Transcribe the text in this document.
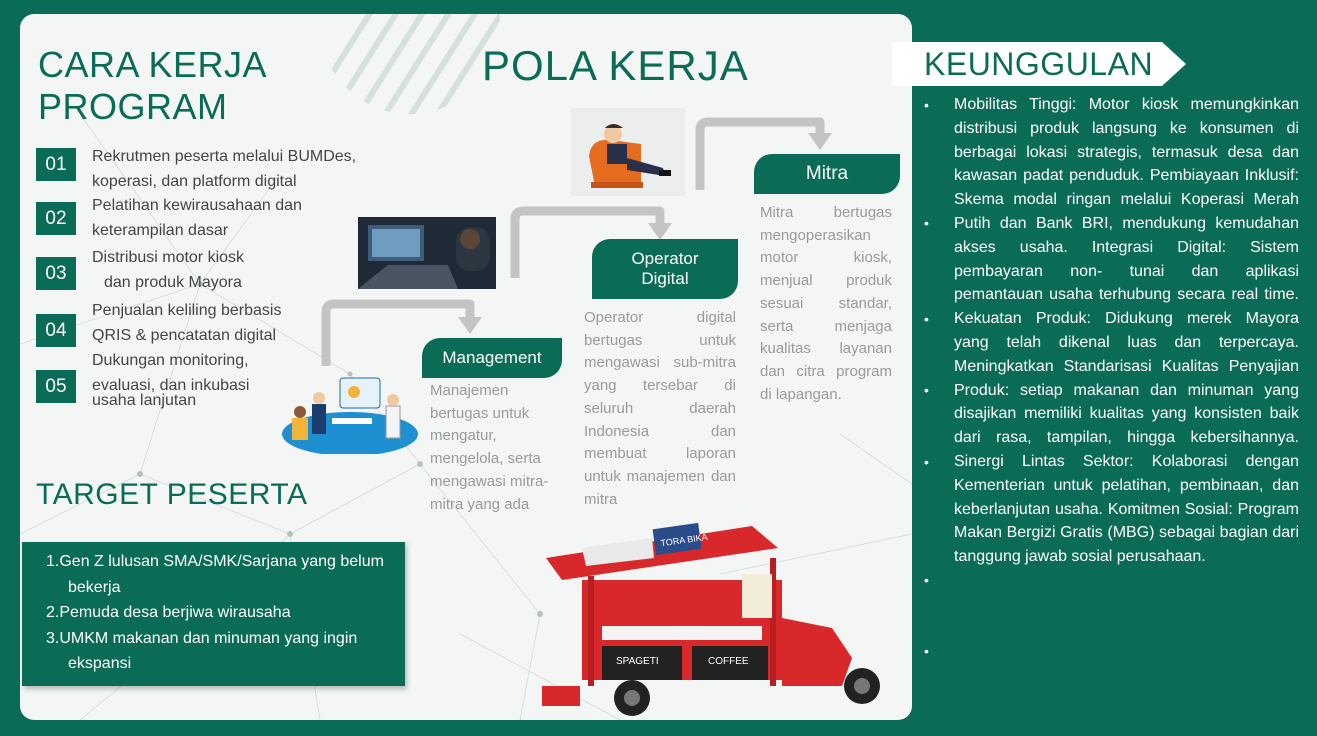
CARA KERJA
PROGRAM
POLA KERJA
01	Rekrutmen peserta melalui BUMDes,
koperasi, dan platform digital
02
Pelatihan kewirausahaan dan
keterampilan dasar
03
Distribusi motor kiosk
dan produk Mayora
04
Penjualan keliling berbasis
QRIS & pencatatan digital
05
Dukungan monitoring,
evaluasi, dan inkubasi
usaha lanjutan
Management
Operator
Digital
Mitra
Manajemen bertugas untuk mengatur, mengelola, serta mengawasi mitra-mitra yang ada
Operator digital bertugas untuk mengawasi sub-mitra yang tersebar di seluruh daerah Indonesia dan membuat laporan untuk manajemen dan mitra
Mitra bertugas mengoperasikan motor kiosk, menjual produk sesuai standar, serta menjaga kualitas layanan dan citra program di lapangan.
TARGET PESERTA
1.Gen Z lulusan SMA/SMK/Sarjana yang belum bekerja
2.Pemuda desa berjiwa wirausaha
3.UMKM makanan dan minuman yang ingin ekspansi
TORA BIKA
SPAGETI	COFFEE
KEUNGGULAN
•
•
•
•
•
•
•
Mobilitas Tinggi: Motor kiosk memungkinkan distribusi produk langsung ke konsumen di berbagai lokasi strategis, termasuk desa dan kawasan padat penduduk. Pembiayaan Inklusif: Skema modal ringan melalui Koperasi Merah Putih dan Bank BRI, mendukung kemudahan akses usaha. Integrasi Digital: Sistem pembayaran non- tunai dan aplikasi pemantauan usaha terhubung secara real time. Kekuatan Produk: Didukung merek Mayora yang telah dikenal luas dan terpercaya. Meningkatkan Standarisasi Kualitas Penyajian Produk: setiap makanan dan minuman yang disajikan memiliki kualitas yang konsisten baik dari rasa, tampilan, hingga kebersihannya. Sinergi Lintas Sektor: Kolaborasi dengan Kementerian untuk pelatihan, pembinaan, dan keberlanjutan usaha. Komitmen Sosial: Program Makan Bergizi Gratis (MBG) sebagai bagian dari tanggung jawab sosial perusahaan.
